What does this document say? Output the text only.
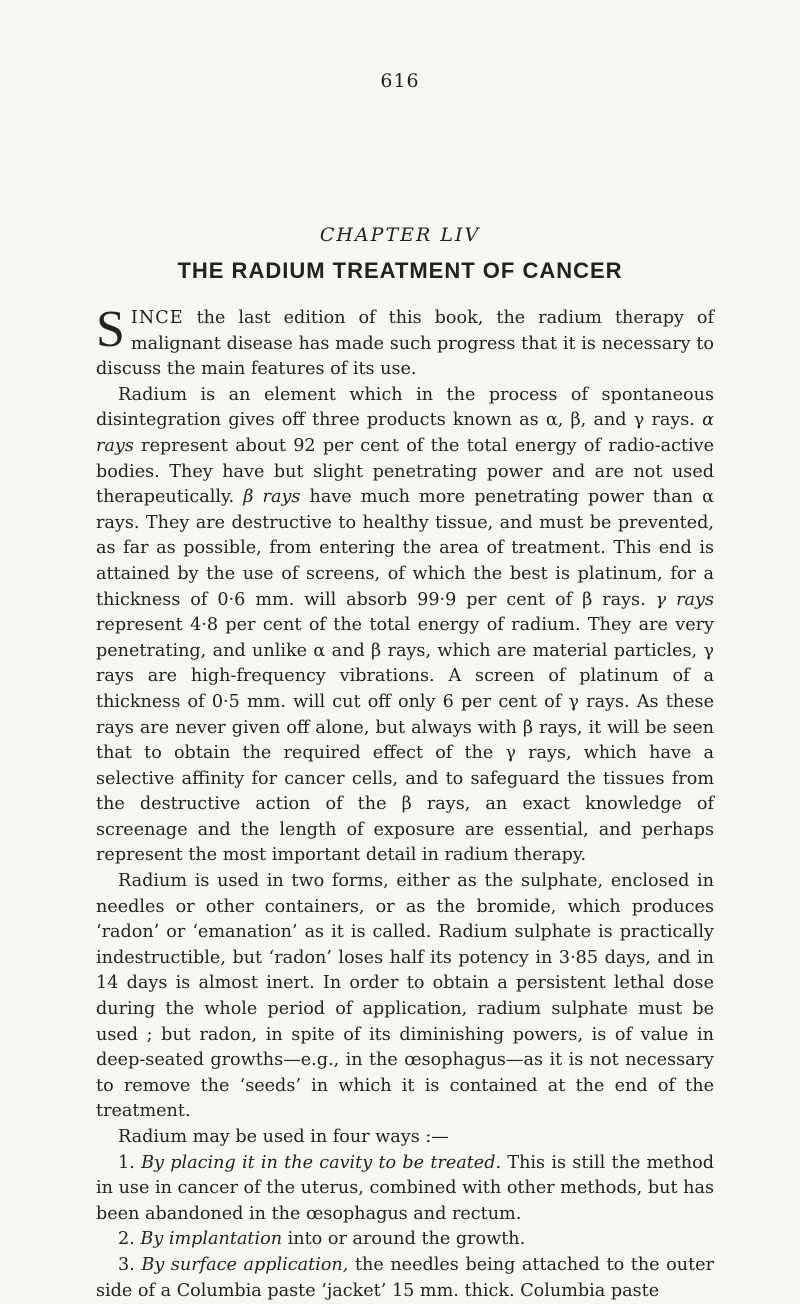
616
CHAPTER LIV
THE RADIUM TREATMENT OF CANCER

SINCE the last edition of this book, the radium therapy of malignant disease has made such progress that it is necessary to discuss the main features of its use.

Radium is an element which in the process of spontaneous disintegration gives off three products known as α, β, and γ rays. α rays represent about 92 per cent of the total energy of radio-active bodies. They have but slight penetrating power and are not used therapeutically. β rays have much more penetrating power than α rays. They are destructive to healthy tissue, and must be prevented, as far as possible, from entering the area of treatment. This end is attained by the use of screens, of which the best is platinum, for a thickness of 0·6 mm. will absorb 99·9 per cent of β rays. γ rays represent 4·8 per cent of the total energy of radium. They are very penetrating, and unlike α and β rays, which are material particles, γ rays are high-frequency vibrations. A screen of platinum of a thickness of 0·5 mm. will cut off only 6 per cent of γ rays. As these rays are never given off alone, but always with β rays, it will be seen that to obtain the required effect of the γ rays, which have a selective affinity for cancer cells, and to safeguard the tissues from the destructive action of the β rays, an exact knowledge of screenage and the length of exposure are essential, and perhaps represent the most important detail in radium therapy.

Radium is used in two forms, either as the sulphate, enclosed in needles or other containers, or as the bromide, which produces ‘radon’ or ‘emanation’ as it is called. Radium sulphate is practically indestructible, but ‘radon’ loses half its potency in 3·85 days, and in 14 days is almost inert. In order to obtain a persistent lethal dose during the whole period of application, radium sulphate must be used ; but radon, in spite of its diminishing powers, is of value in deep-seated growths—e.g., in the œsophagus—as it is not necessary to remove the ‘seeds’ in which it is contained at the end of the treatment.

Radium may be used in four ways :—

1. By placing it in the cavity to be treated. This is still the method in use in cancer of the uterus, combined with other methods, but has been abandoned in the œsophagus and rectum.

2. By implantation into or around the growth.

3. By surface application, the needles being attached to the outer side of a Columbia paste ‘jacket’ 15 mm. thick. Columbia paste
